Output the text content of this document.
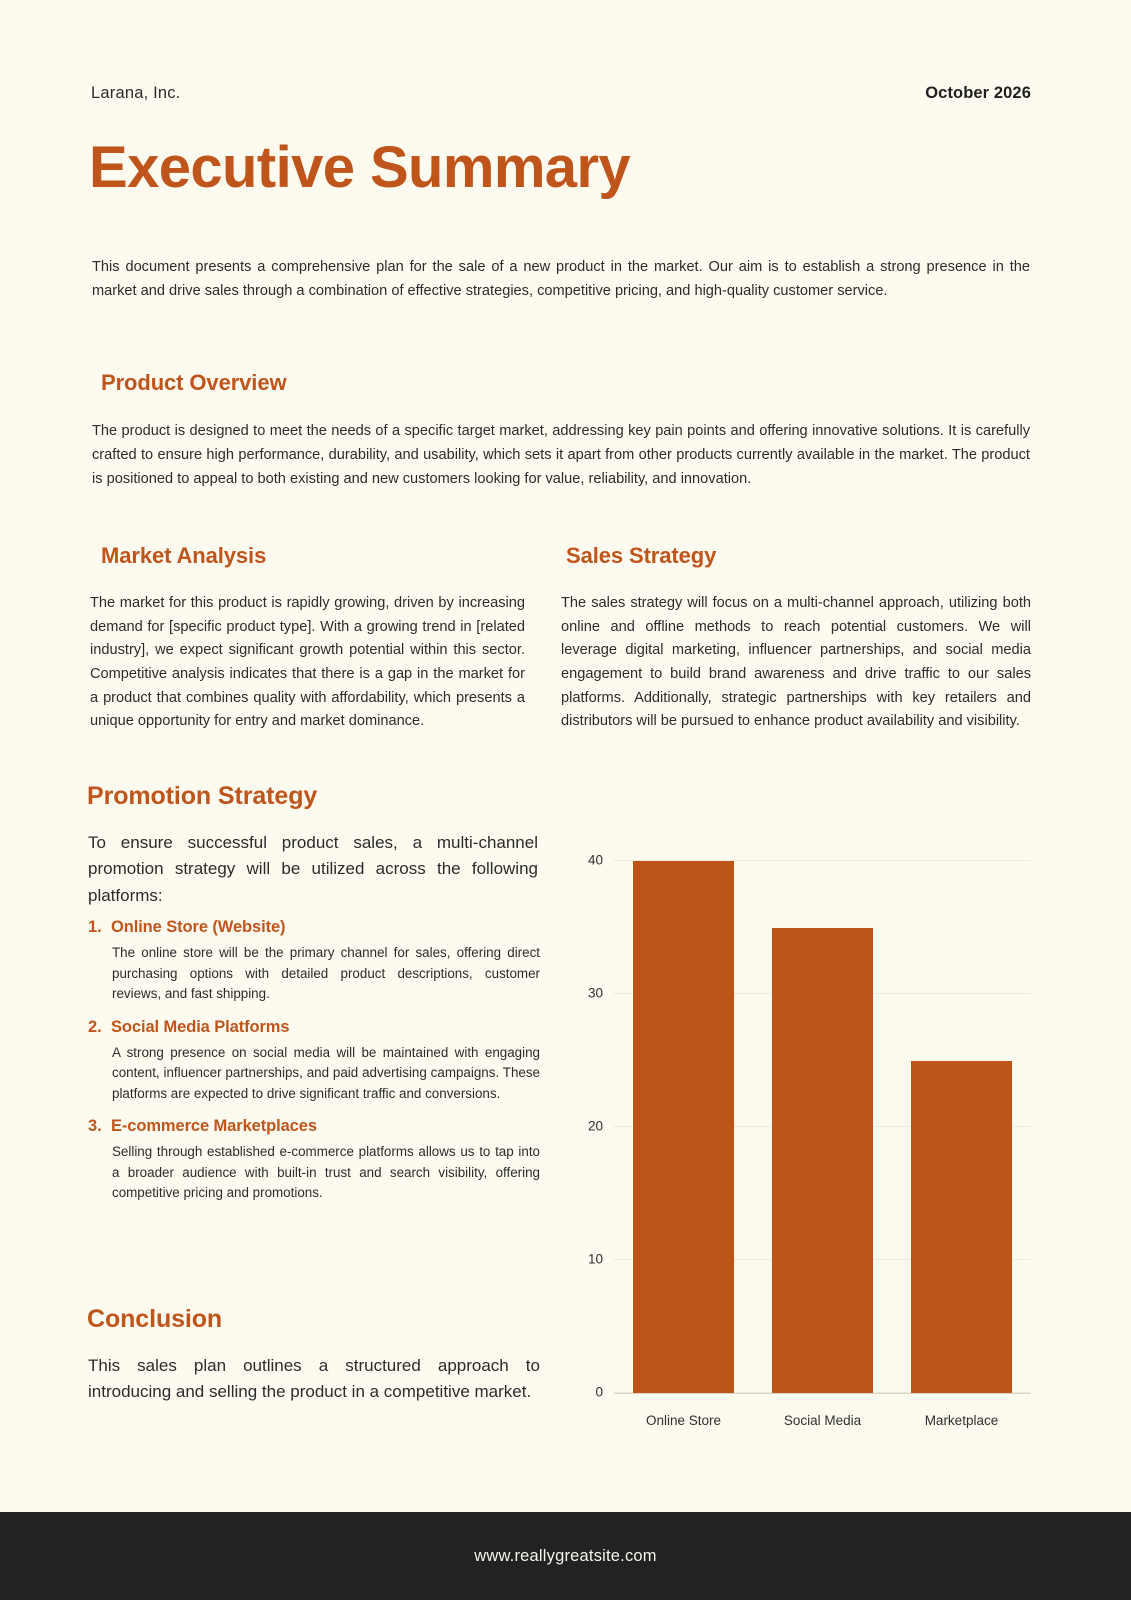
Larana, Inc.	October 2026
Executive Summary

This document presents a comprehensive plan for the sale of a new product in the market. Our aim is to establish a strong presence in the market and drive sales through a combination of effective strategies, competitive pricing, and high-quality customer service.

Product Overview

The product is designed to meet the needs of a specific target market, addressing key pain points and offering innovative solutions. It is carefully crafted to ensure high performance, durability, and usability, which sets it apart from other products currently available in the market. The product is positioned to appeal to both existing and new customers looking for value, reliability, and innovation.

Market Analysis

The market for this product is rapidly growing, driven by increasing demand for [specific product type]. With a growing trend in [related industry], we expect significant growth potential within this sector. Competitive analysis indicates that there is a gap in the market for a product that combines quality with affordability, which presents a unique opportunity for entry and market dominance.

Sales Strategy

The sales strategy will focus on a multi-channel approach, utilizing both online and offline methods to reach potential customers. We will leverage digital marketing, influencer partnerships, and social media engagement to build brand awareness and drive traffic to our sales platforms. Additionally, strategic partnerships with key retailers and distributors will be pursued to enhance product availability and visibility.

Promotion Strategy

To ensure successful product sales, a multi-channel promotion strategy will be utilized across the following platforms:

1. Online Store (Website)
The online store will be the primary channel for sales, offering direct purchasing options with detailed product descriptions, customer reviews, and fast shipping.
2. Social Media Platforms
A strong presence on social media will be maintained with engaging content, influencer partnerships, and paid advertising campaigns. These platforms are expected to drive significant traffic and conversions.
3. E-commerce Marketplaces
Selling through established e-commerce platforms allows us to tap into a broader audience with built-in trust and search visibility, offering competitive pricing and promotions.
Conclusion

This sales plan outlines a structured approach to introducing and selling the product in a competitive market.	0
10
20
30
40
Online Store	Social Media	Marketplace
www.reallygreatsite.com
